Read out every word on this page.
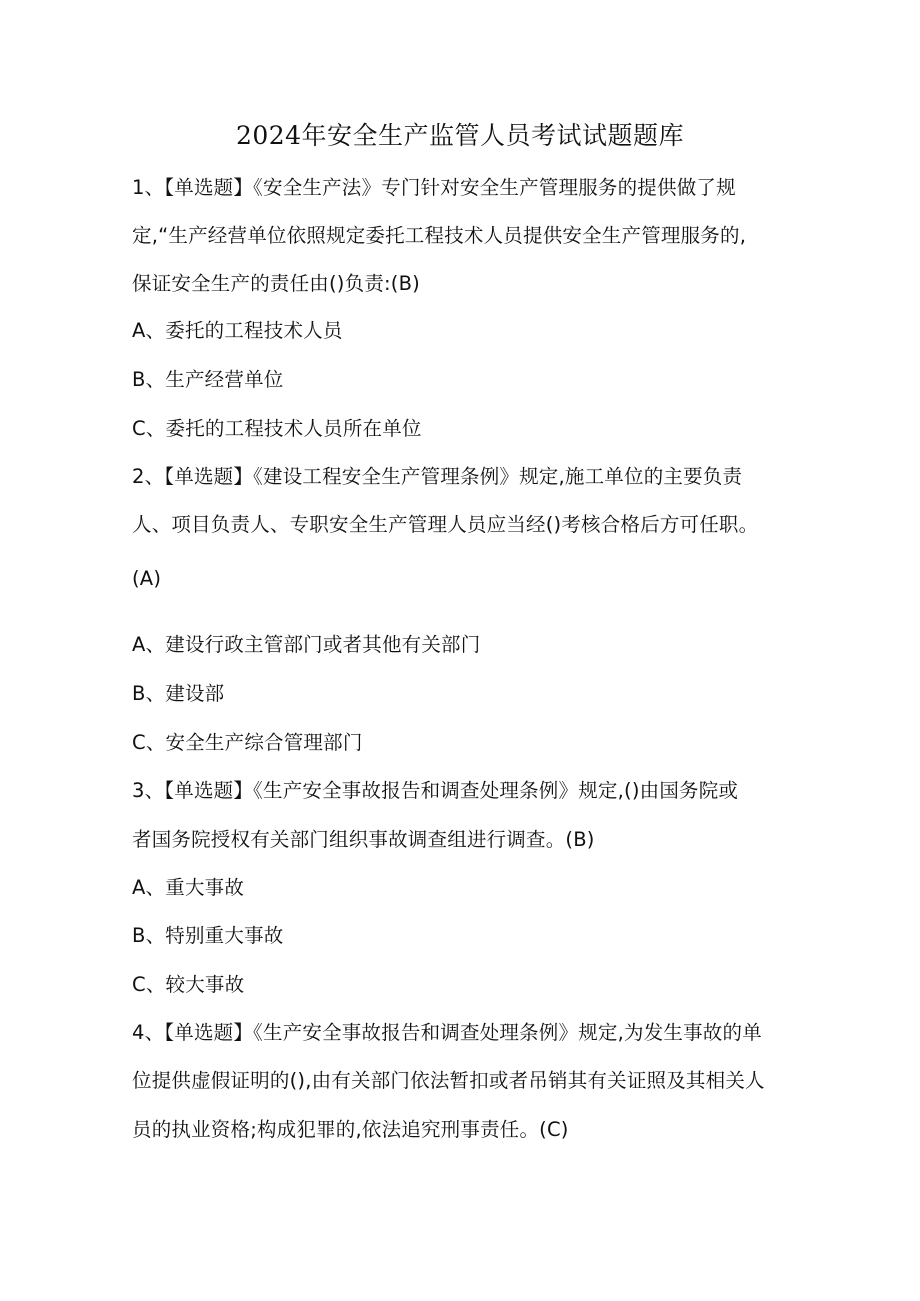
2024年安全生产监管人员考试试题题库
1、【单选题】《安全生产法》专门针对安全生产管理服务的提供做了规
定,“生产经营单位依照规定委托工程技术人员提供安全生产管理服务的,
保证安全生产的责任由()负责:(B)
A、委托的工程技术人员
B、生产经营单位
C、委托的工程技术人员所在单位
2、【单选题】《建设工程安全生产管理条例》规定,施工单位的主要负责
人、项目负责人、专职安全生产管理人员应当经()考核合格后方可任职。
(A)
A、建设行政主管部门或者其他有关部门
B、建设部
C、安全生产综合管理部门
3、【单选题】《生产安全事故报告和调查处理条例》规定,()由国务院或
者国务院授权有关部门组织事故调查组进行调查。(B)
A、重大事故
B、特别重大事故
C、较大事故
4、【单选题】《生产安全事故报告和调查处理条例》规定,为发生事故的单
位提供虚假证明的(),由有关部门依法暂扣或者吊销其有关证照及其相关人
员的执业资格;构成犯罪的,依法追究刑事责任。(C)
